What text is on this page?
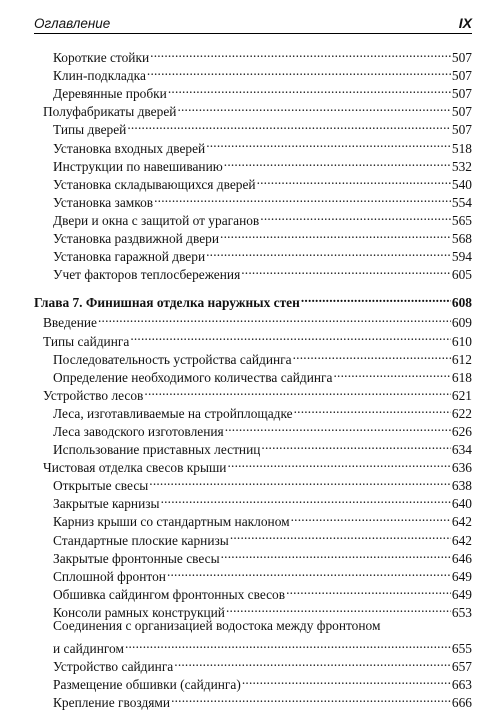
Оглавление	IX
Короткие стойки .....	507
Клин-подкладка .....	507
Деревянные пробки .....	507
Полуфабрикаты дверей .....	507
Типы дверей .....	507
Установка входных дверей .....	518
Инструкции по навешиванию .....	532
Установка складывающихся дверей .....	540
Установка замков .....	554
Двери и окна с защитой от ураганов .....	565
Установка раздвижной двери .....	568
Установка гаражной двери .....	594
Учет факторов теплосбережения .....	605
Глава 7. Финишная отделка наружных стен .....	608
Введение .....	609
Типы сайдинга .....	610
Последовательность устройства сайдинга .....	612
Определение необходимого количества сайдинга .....	618
Устройство лесов .....	621
Леса, изготавливаемые на стройплощадке .....	622
Леса заводского изготовления .....	626
Использование приставных лестниц .....	634
Чистовая отделка свесов крыши .....	636
Открытые свесы .....	638
Закрытые карнизы .....	640
Карниз крыши со стандартным наклоном .....	642
Стандартные плоские карнизы .....	642
Закрытые фронтонные свесы .....	646
Сплошной фронтон .....	649
Обшивка сайдингом фронтонных свесов .....	649
Консоли рамных конструкций .....	653
Соединения с организацией водостока между фронтоном
и сайдингом .....	655
Устройство сайдинга .....	657
Размещение обшивки (сайдинга) .....	663
Крепление гвоздями .....	666
